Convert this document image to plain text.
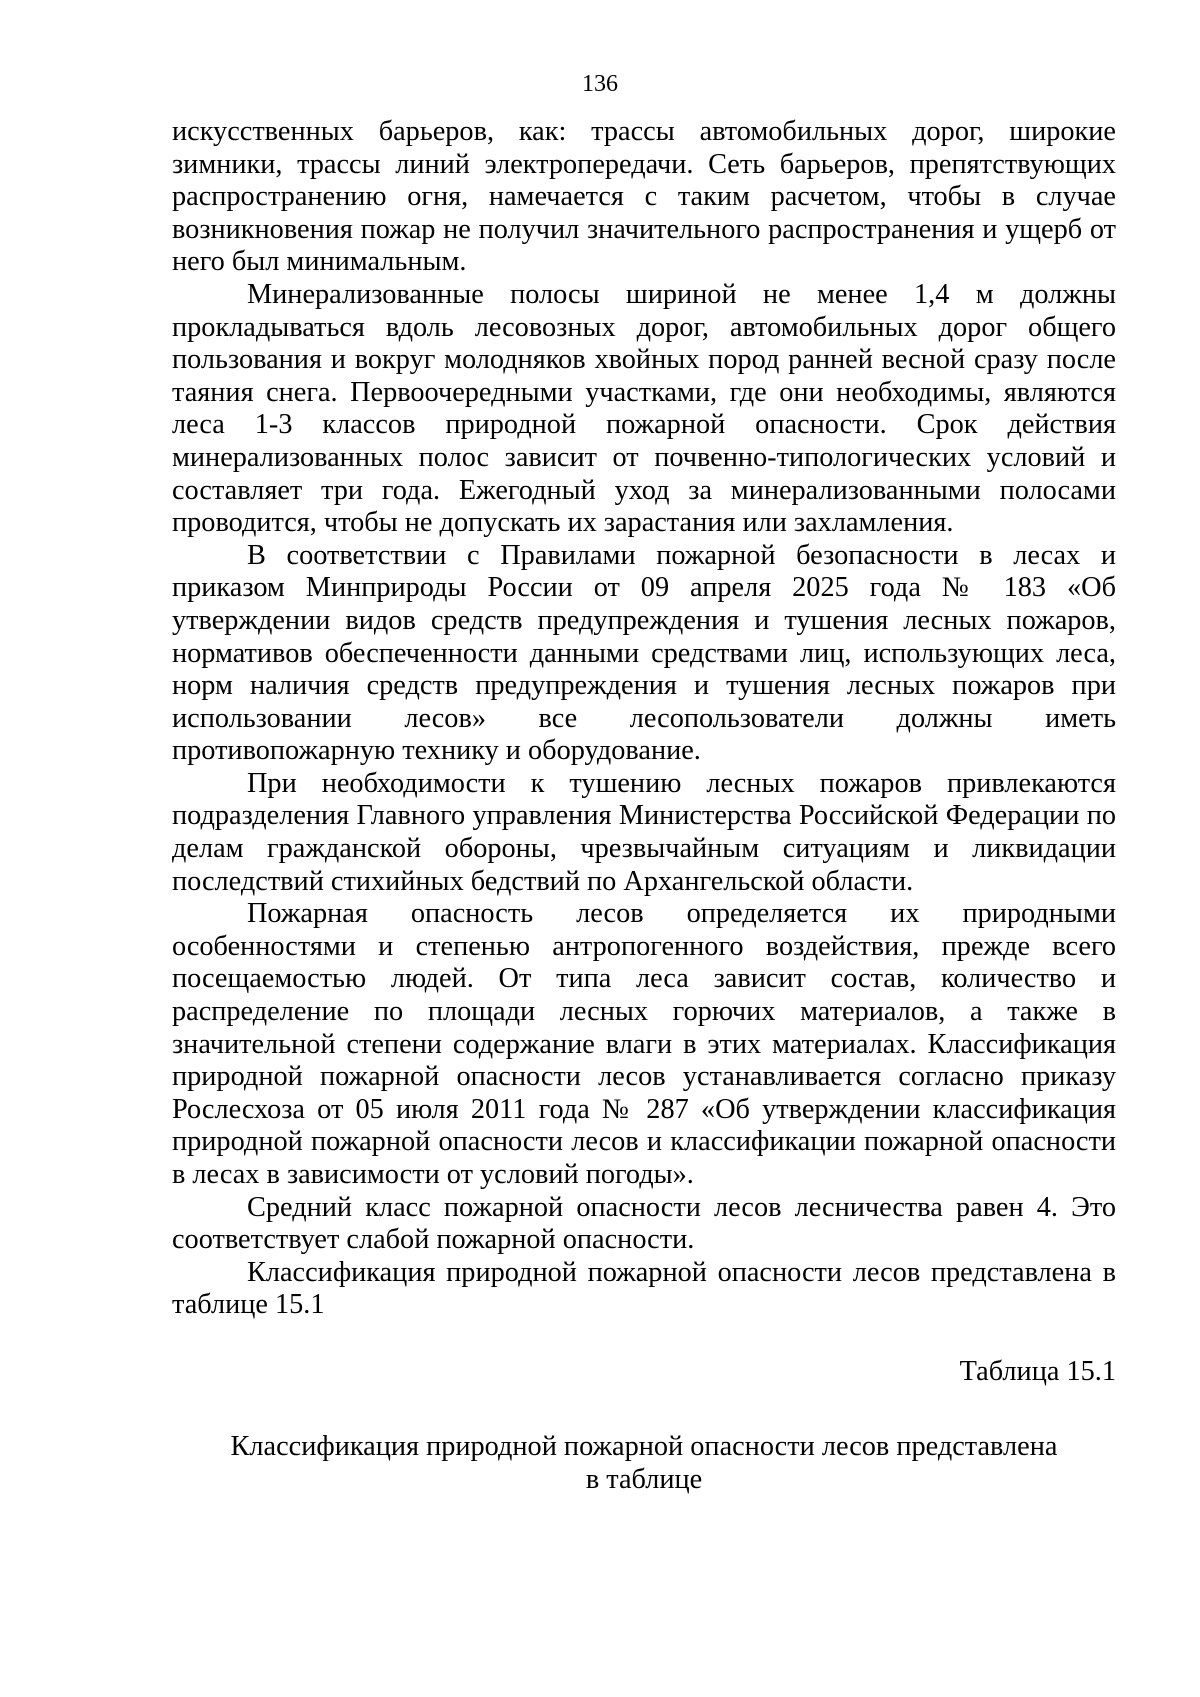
136

искусственных барьеров, как: трассы автомобильных дорог, широкие зимники, трассы линий электропередачи. Сеть барьеров, препятствующих распространению огня, намечается с таким расчетом, чтобы в случае возникновения пожар не получил значительного распространения и ущерб от него был минимальным.

Минерализованные полосы шириной не менее 1,4 м должны прокладываться вдоль лесовозных дорог, автомобильных дорог общего пользования и вокруг молодняков хвойных пород ранней весной сразу после таяния снега. Первоочередными участками, где они необходимы, являются леса 1-3 классов природной пожарной опасности. Срок действия минерализованных полос зависит от почвенно-типологических условий и составляет три года. Ежегодный уход за минерализованными полосами проводится, чтобы не допускать их зарастания или захламления.

В соответствии с Правилами пожарной безопасности в лесах и приказом Минприроды России от 09 апреля 2025 года № 183 «Об утверждении видов средств предупреждения и тушения лесных пожаров, нормативов обеспеченности данными средствами лиц, использующих леса, норм наличия средств предупреждения и тушения лесных пожаров при использовании лесов» все лесопользователи должны иметь противопожарную технику и оборудование.

При необходимости к тушению лесных пожаров привлекаются подразделения Главного управления Министерства Российской Федерации по делам гражданской обороны, чрезвычайным ситуациям и ликвидации последствий стихийных бедствий по Архангельской области.

Пожарная опасность лесов определяется их природными особенностями и степенью антропогенного воздействия, прежде всего посещаемостью людей. От типа леса зависит состав, количество и распределение по площади лесных горючих материалов, а также в значительной степени содержание влаги в этих материалах. Классификация природной пожарной опасности лесов устанавливается согласно приказу Рослесхоза от 05 июля 2011 года № 287 «Об утверждении классификация природной пожарной опасности лесов и классификации пожарной опасности в лесах в зависимости от условий погоды».

Средний класс пожарной опасности лесов лесничества равен 4. Это соответствует слабой пожарной опасности.

Классификация природной пожарной опасности лесов представлена в таблице 15.1

Таблица 15.1
Классификация природной пожарной опасности лесов представлена
в таблице
